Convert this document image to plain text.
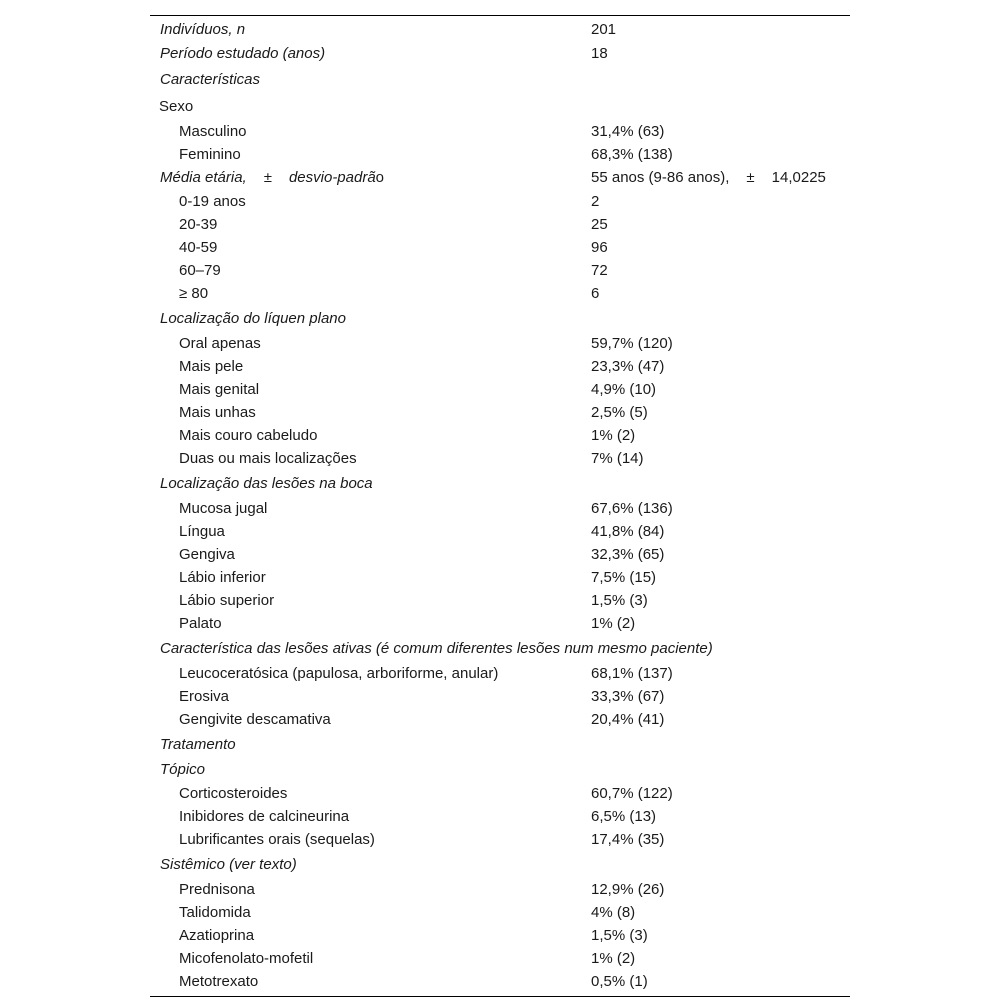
Indivíduos, n	201
Período estudado (anos)	18
Características	
Sexo	
Masculino	31,4% (63)
Feminino	68,3% (138)
Média etária, ± desvio-padrão	55 anos (9-86 anos), ± 14,0225
0-19 anos	2
20-39	25
40-59	96
60–79	72
≥ 80	6
Localização do líquen plano	
Oral apenas	59,7% (120)
Mais pele	23,3% (47)
Mais genital	4,9% (10)
Mais unhas	2,5% (5)
Mais couro cabeludo	1% (2)
Duas ou mais localizações	7% (14)
Localização das lesões na boca	
Mucosa jugal	67,6% (136)
Língua	41,8% (84)
Gengiva	32,3% (65)
Lábio inferior	7,5% (15)
Lábio superior	1,5% (3)
Palato	1% (2)
Característica das lesões ativas (é comum diferentes lesões num mesmo paciente)	
Leucoceratósica (papulosa, arboriforme, anular)	68,1% (137)
Erosiva	33,3% (67)
Gengivite descamativa	20,4% (41)
Tratamento	
Tópico	
Corticosteroides	60,7% (122)
Inibidores de calcineurina	6,5% (13)
Lubrificantes orais (sequelas)	17,4% (35)
Sistêmico (ver texto)	
Prednisona	12,9% (26)
Talidomida	4% (8)
Azatioprina	1,5% (3)
Micofenolato-mofetil	1% (2)
Metotrexato	0,5% (1)
